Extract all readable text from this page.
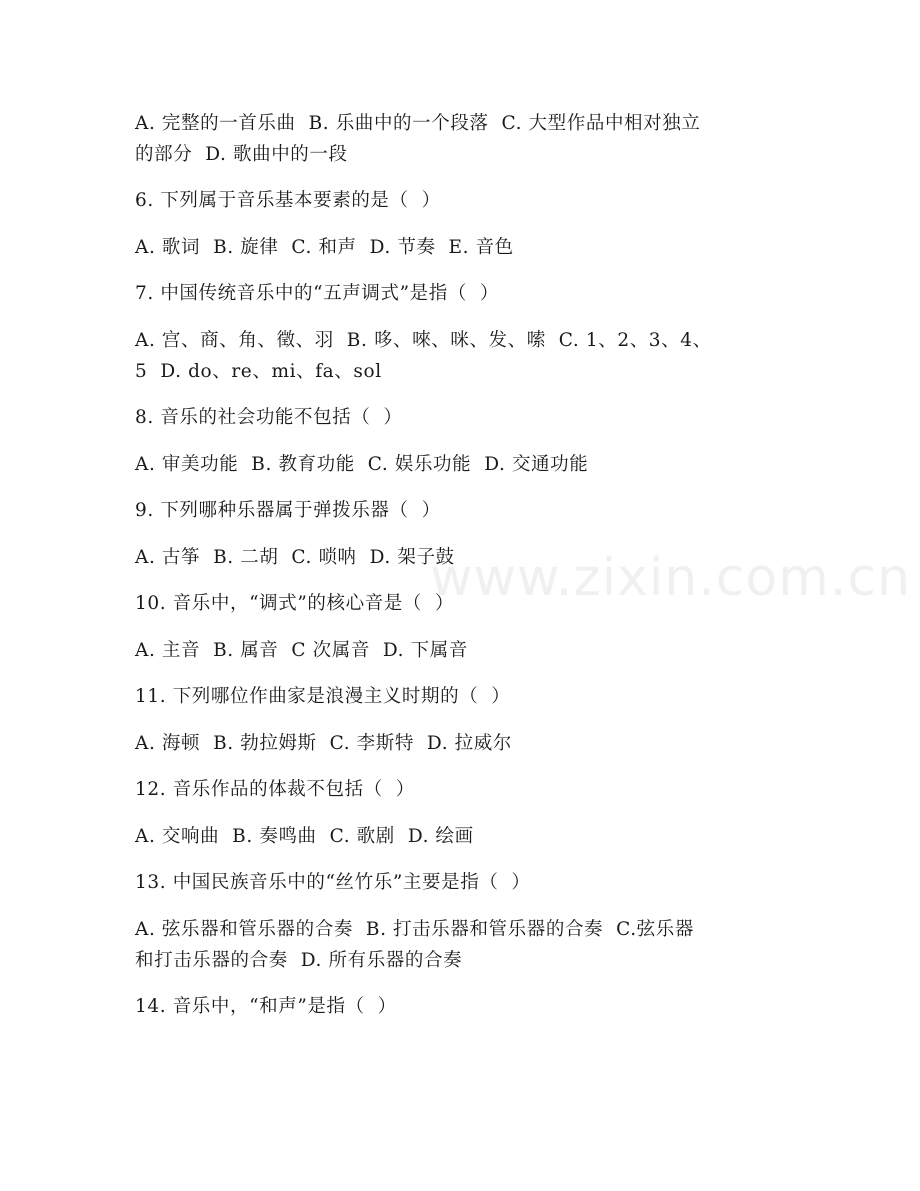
A. 完整的一首乐曲  B. 乐曲中的一个段落  C. 大型作品中相对独立
的部分  D. 歌曲中的一段
6. 下列属于音乐基本要素的是（  ）
A. 歌词  B. 旋律  C. 和声  D. 节奏  E. 音色
7. 中国传统音乐中的“五声调式”是指（  ）
A. 宫、商、角、徵、羽  B. 哆、唻、咪、发、嗦  C. 1、2、3、4、
5  D. do、re、mi、fa、sol
8. 音乐的社会功能不包括（  ）
A. 审美功能  B. 教育功能  C. 娱乐功能  D. 交通功能
9. 下列哪种乐器属于弹拨乐器（  ）
A. 古筝  B. 二胡  C. 唢呐  D. 架子鼓
10. 音乐中，“调式”的核心音是（  ）
A. 主音  B. 属音  C 次属音  D. 下属音
11. 下列哪位作曲家是浪漫主义时期的（  ）
A. 海顿  B. 勃拉姆斯  C. 李斯特  D. 拉威尔
12. 音乐作品的体裁不包括（  ）
A. 交响曲  B. 奏鸣曲  C. 歌剧  D. 绘画
13. 中国民族音乐中的“丝竹乐”主要是指（  ）
A. 弦乐器和管乐器的合奏  B. 打击乐器和管乐器的合奏  C.弦乐器
和打击乐器的合奏  D. 所有乐器的合奏
14. 音乐中，“和声”是指（  ）
www.zixin.com.cn
